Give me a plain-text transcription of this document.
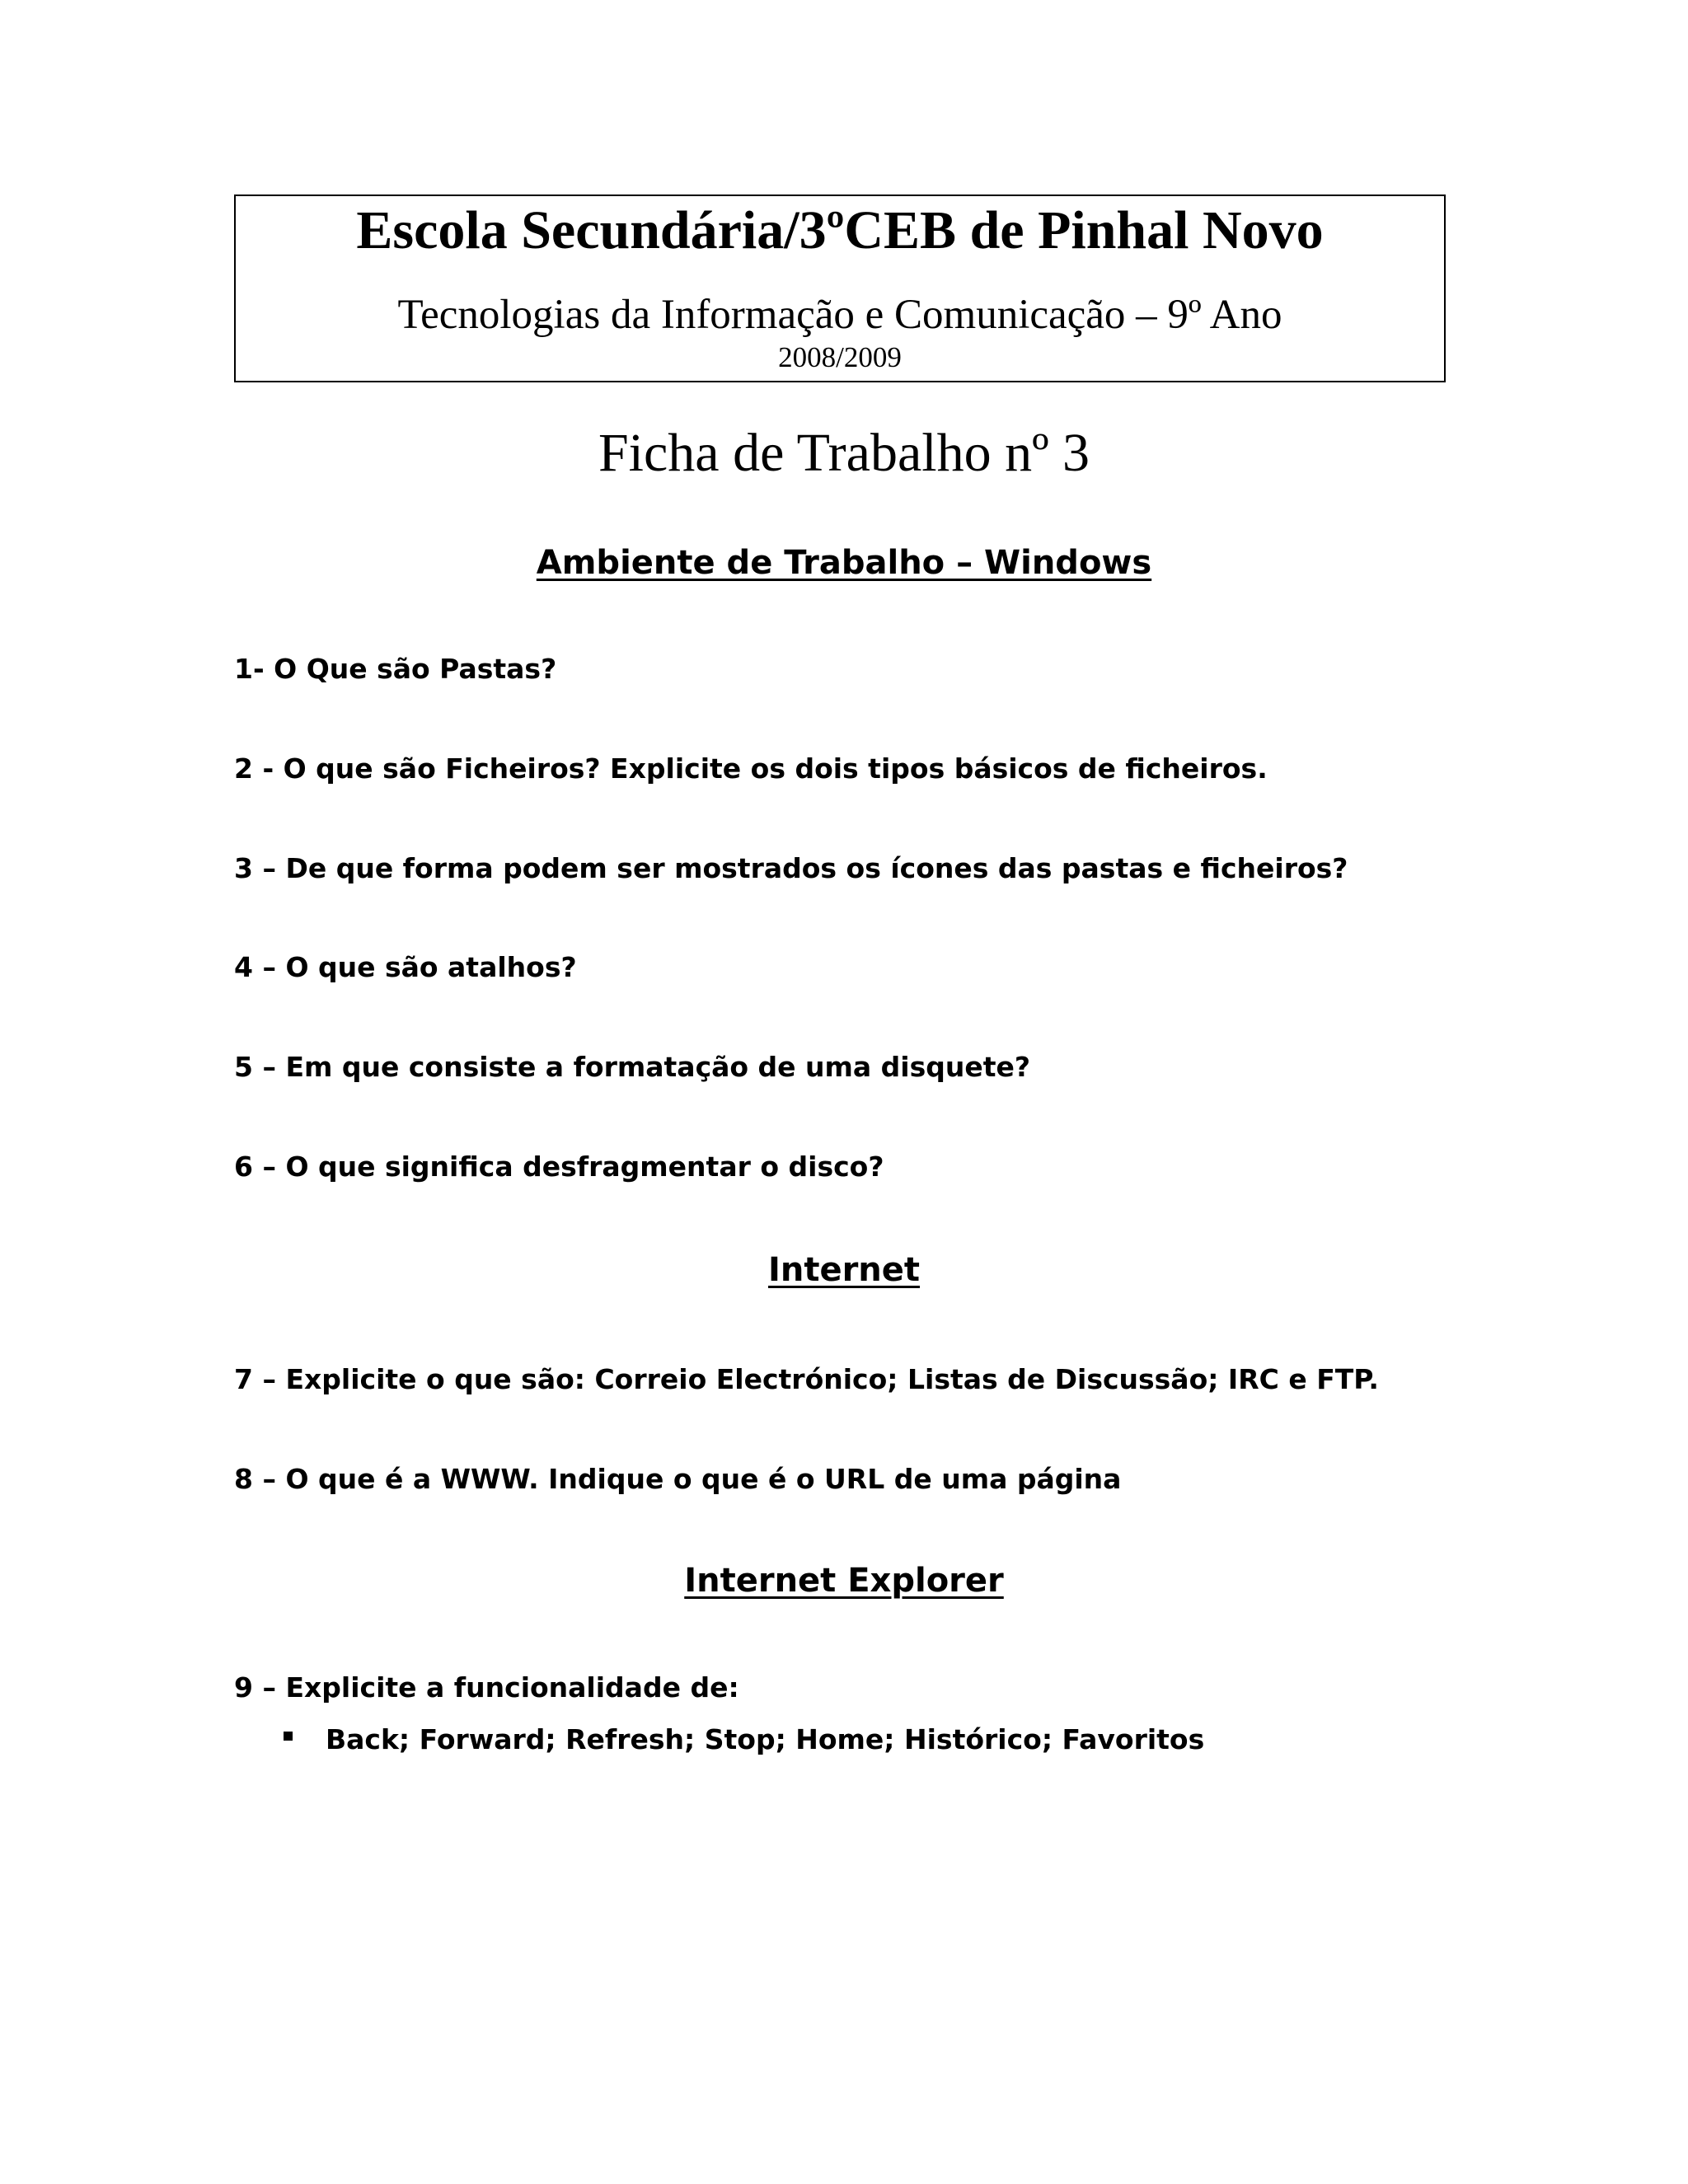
Escola Secundária/3ºCEB de Pinhal Novo
Tecnologias da Informação e Comunicação – 9º Ano
2008/2009
Ficha de Trabalho nº 3
Ambiente de Trabalho – Windows
1- O Que são Pastas?
2 - O que são Ficheiros? Explicite os dois tipos básicos de ficheiros.
3 – De que forma podem ser mostrados os ícones das pastas e ficheiros?
4 – O que são atalhos?
5 – Em que consiste a formatação de uma disquete?
6 – O que significa desfragmentar o disco?
Internet
7 – Explicite o que são: Correio Electrónico; Listas de Discussão; IRC e FTP.
8 – O que é a WWW. Indique o que é o URL de uma página
Internet Explorer
9 – Explicite a funcionalidade de:
Back; Forward; Refresh; Stop; Home; Histórico; Favoritos
